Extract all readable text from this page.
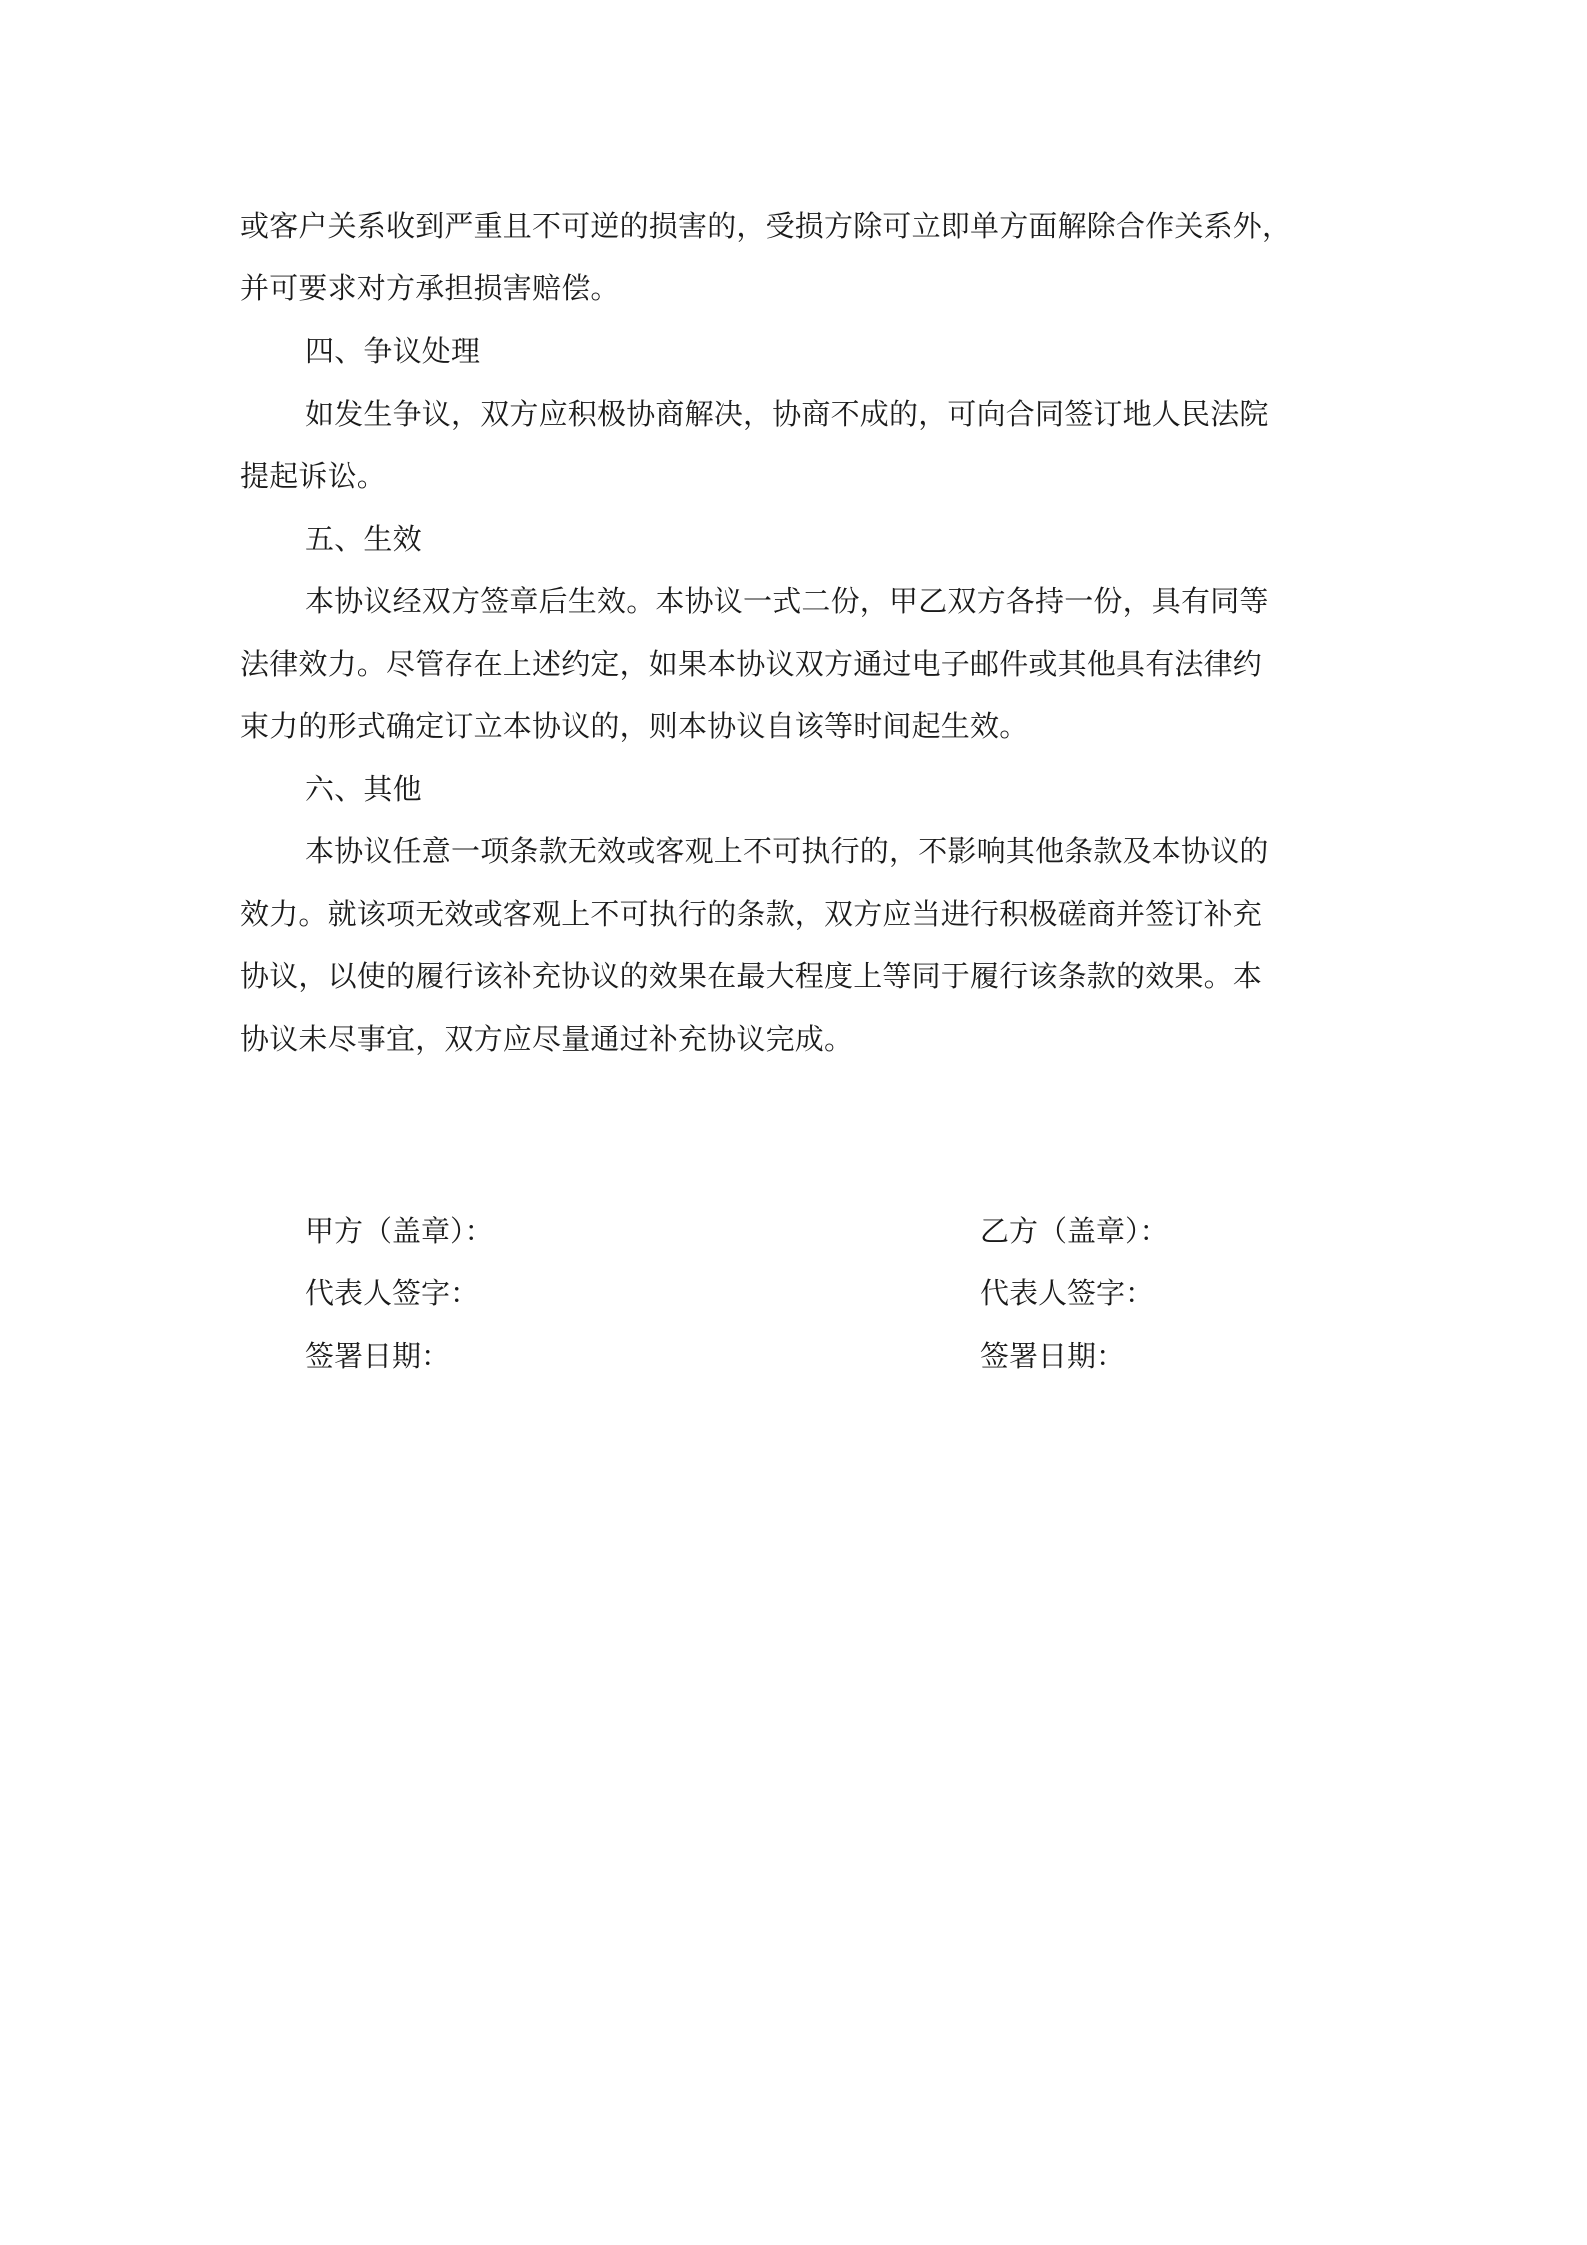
或客户关系收到严重且不可逆的损害的，受损方除可立即单方面解除合作关系外，
并可要求对方承担损害赔偿。
四、争议处理
如发生争议，双方应积极协商解决，协商不成的，可向合同签订地人民法院
提起诉讼。
五、生效
本协议经双方签章后生效。本协议一式二份，甲乙双方各持一份，具有同等
法律效力。尽管存在上述约定，如果本协议双方通过电子邮件或其他具有法律约
束力的形式确定订立本协议的，则本协议自该等时间起生效。
六、其他
本协议任意一项条款无效或客观上不可执行的，不影响其他条款及本协议的
效力。就该项无效或客观上不可执行的条款，双方应当进行积极磋商并签订补充
协议，以使的履行该补充协议的效果在最大程度上等同于履行该条款的效果。本
协议未尽事宜，双方应尽量通过补充协议完成。
甲方（盖章）：
代表人签字：
签署日期：
乙方（盖章）：
代表人签字：
签署日期：
